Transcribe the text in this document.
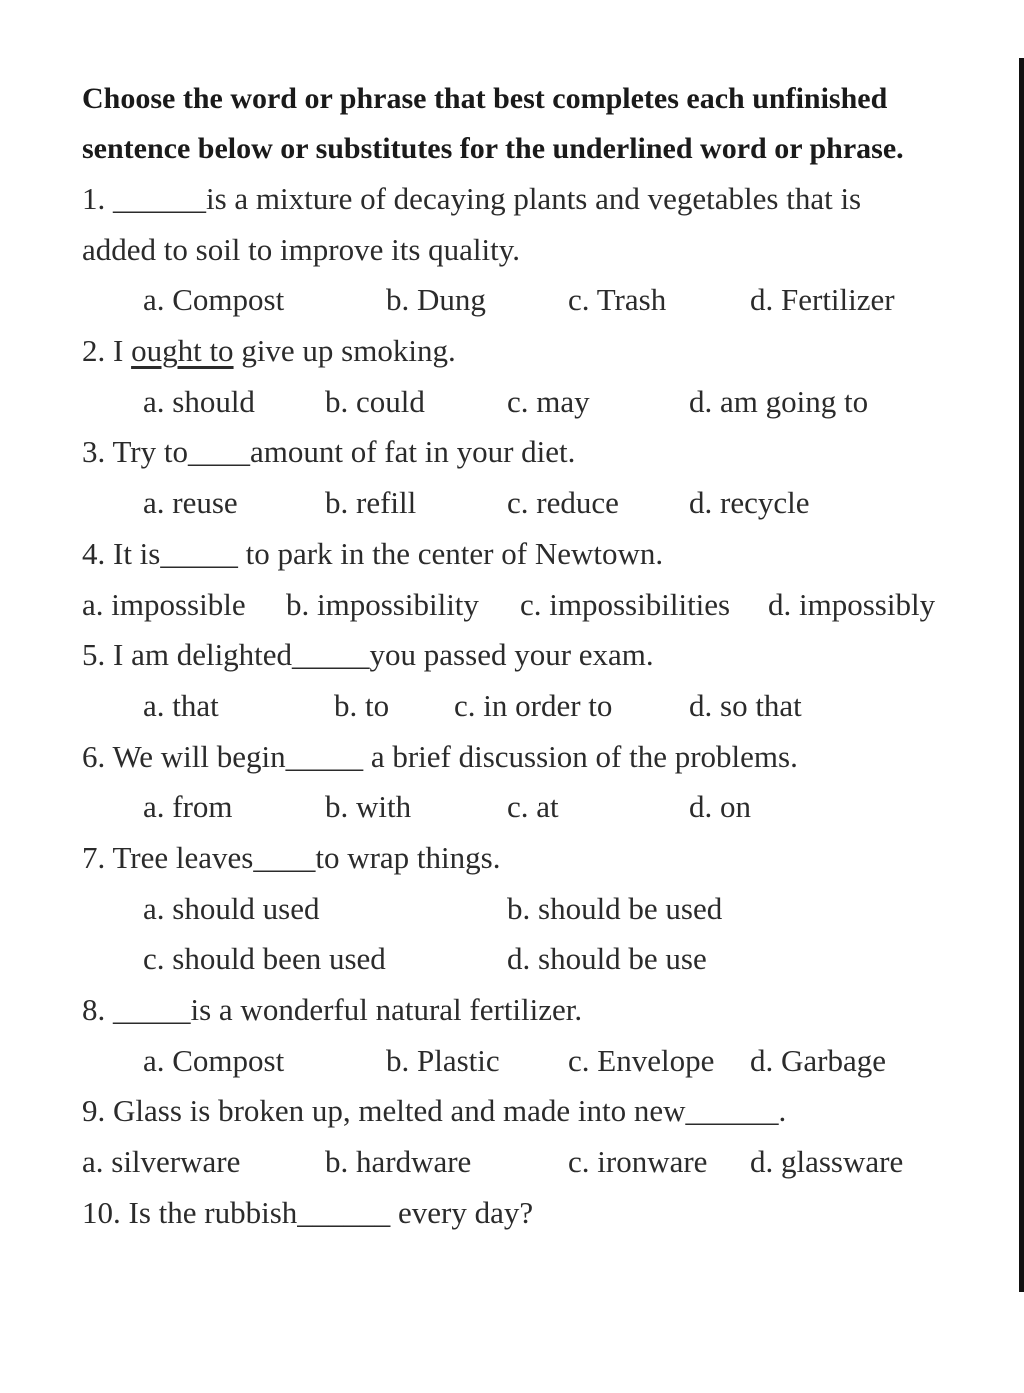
Choose the word or phrase that best completes each unfinished sentence below or substitutes for the underlined word or phrase.

1. ______is a mixture of decaying plants and vegetables that is
added to soil to improve its quality.
a. Compost	b. Dung	c. Trash	d. Fertilizer
2. I ought to give up smoking.
a. should b. could	c. may	d. am going to
3. Try to____amount of fat in your diet.
a. reuse	b. refill	c. reduce d. recycle
4. It is_____ to park in the center of Newtown.
a. impossible b. impossibility c. impossibilities d. impossibly
5. I am delighted_____you passed your exam.
a. that	b. to c. in order to d. so that
6. We will begin_____ a brief discussion of the problems.
a. from	b. with	c. at	d. on
7. Tree leaves____to wrap things.
a. should used	b. should be used
c. should been used	d. should be use
8. _____is a wonderful natural fertilizer.
a. Compost	b. Plastic c. Envelope d. Garbage
9. Glass is broken up, melted and made into new______.
a. silverware	b. hardware	c. ironware d. glassware
10. Is the rubbish______ every day?
